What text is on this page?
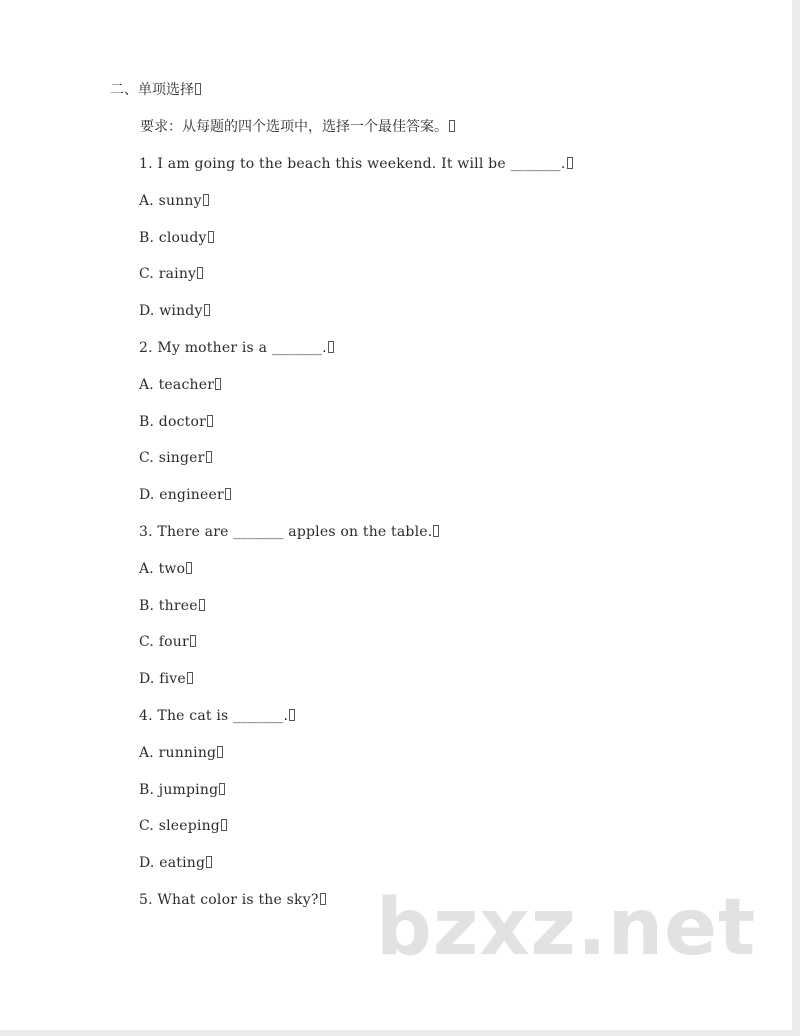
二、单项选择
要求：从每题的四个选项中，选择一个最佳答案。
1. I am going to the beach this weekend. It will be _______.
A. sunny
B. cloudy
C. rainy
D. windy
2. My mother is a _______.
A. teacher
B. doctor
C. singer
D. engineer
3. There are _______ apples on the table.
A. two
B. three
C. four
D. five
4. The cat is _______.
A. running
B. jumping
C. sleeping
D. eating
5. What color is the sky? bzxz.net
